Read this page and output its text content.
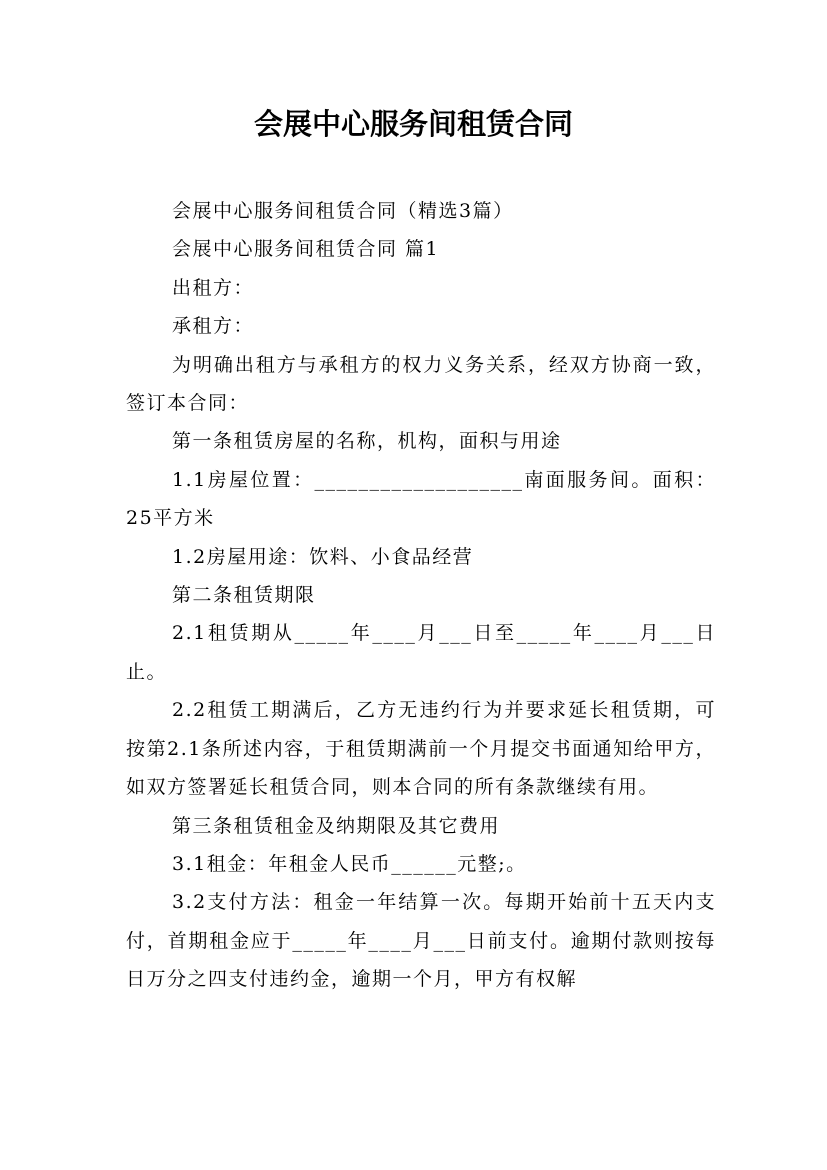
会展中心服务间租赁合同

会展中心服务间租赁合同（精选3篇）

会展中心服务间租赁合同 篇1

出租方：

承租方：

为明确出租方与承租方的权力义务关系，经双方协商一致，签订本合同：

第一条租赁房屋的名称，机构，面积与用途

1.1房屋位置：___________________南面服务间。面积：25平方米

1.2房屋用途：饮料、小食品经营

第二条租赁期限

2.1租赁期从_____年____月___日至_____年____月___日止。

2.2租赁工期满后，乙方无违约行为并要求延长租赁期，可按第2.1条所述内容，于租赁期满前一个月提交书面通知给甲方，如双方签署延长租赁合同，则本合同的所有条款继续有用。

第三条租赁租金及纳期限及其它费用

3.1租金：年租金人民币______元整;。

3.2支付方法：租金一年结算一次。每期开始前十五天内支付，首期租金应于_____年____月___日前支付。逾期付款则按每日万分之四支付违约金，逾期一个月，甲方有权解
